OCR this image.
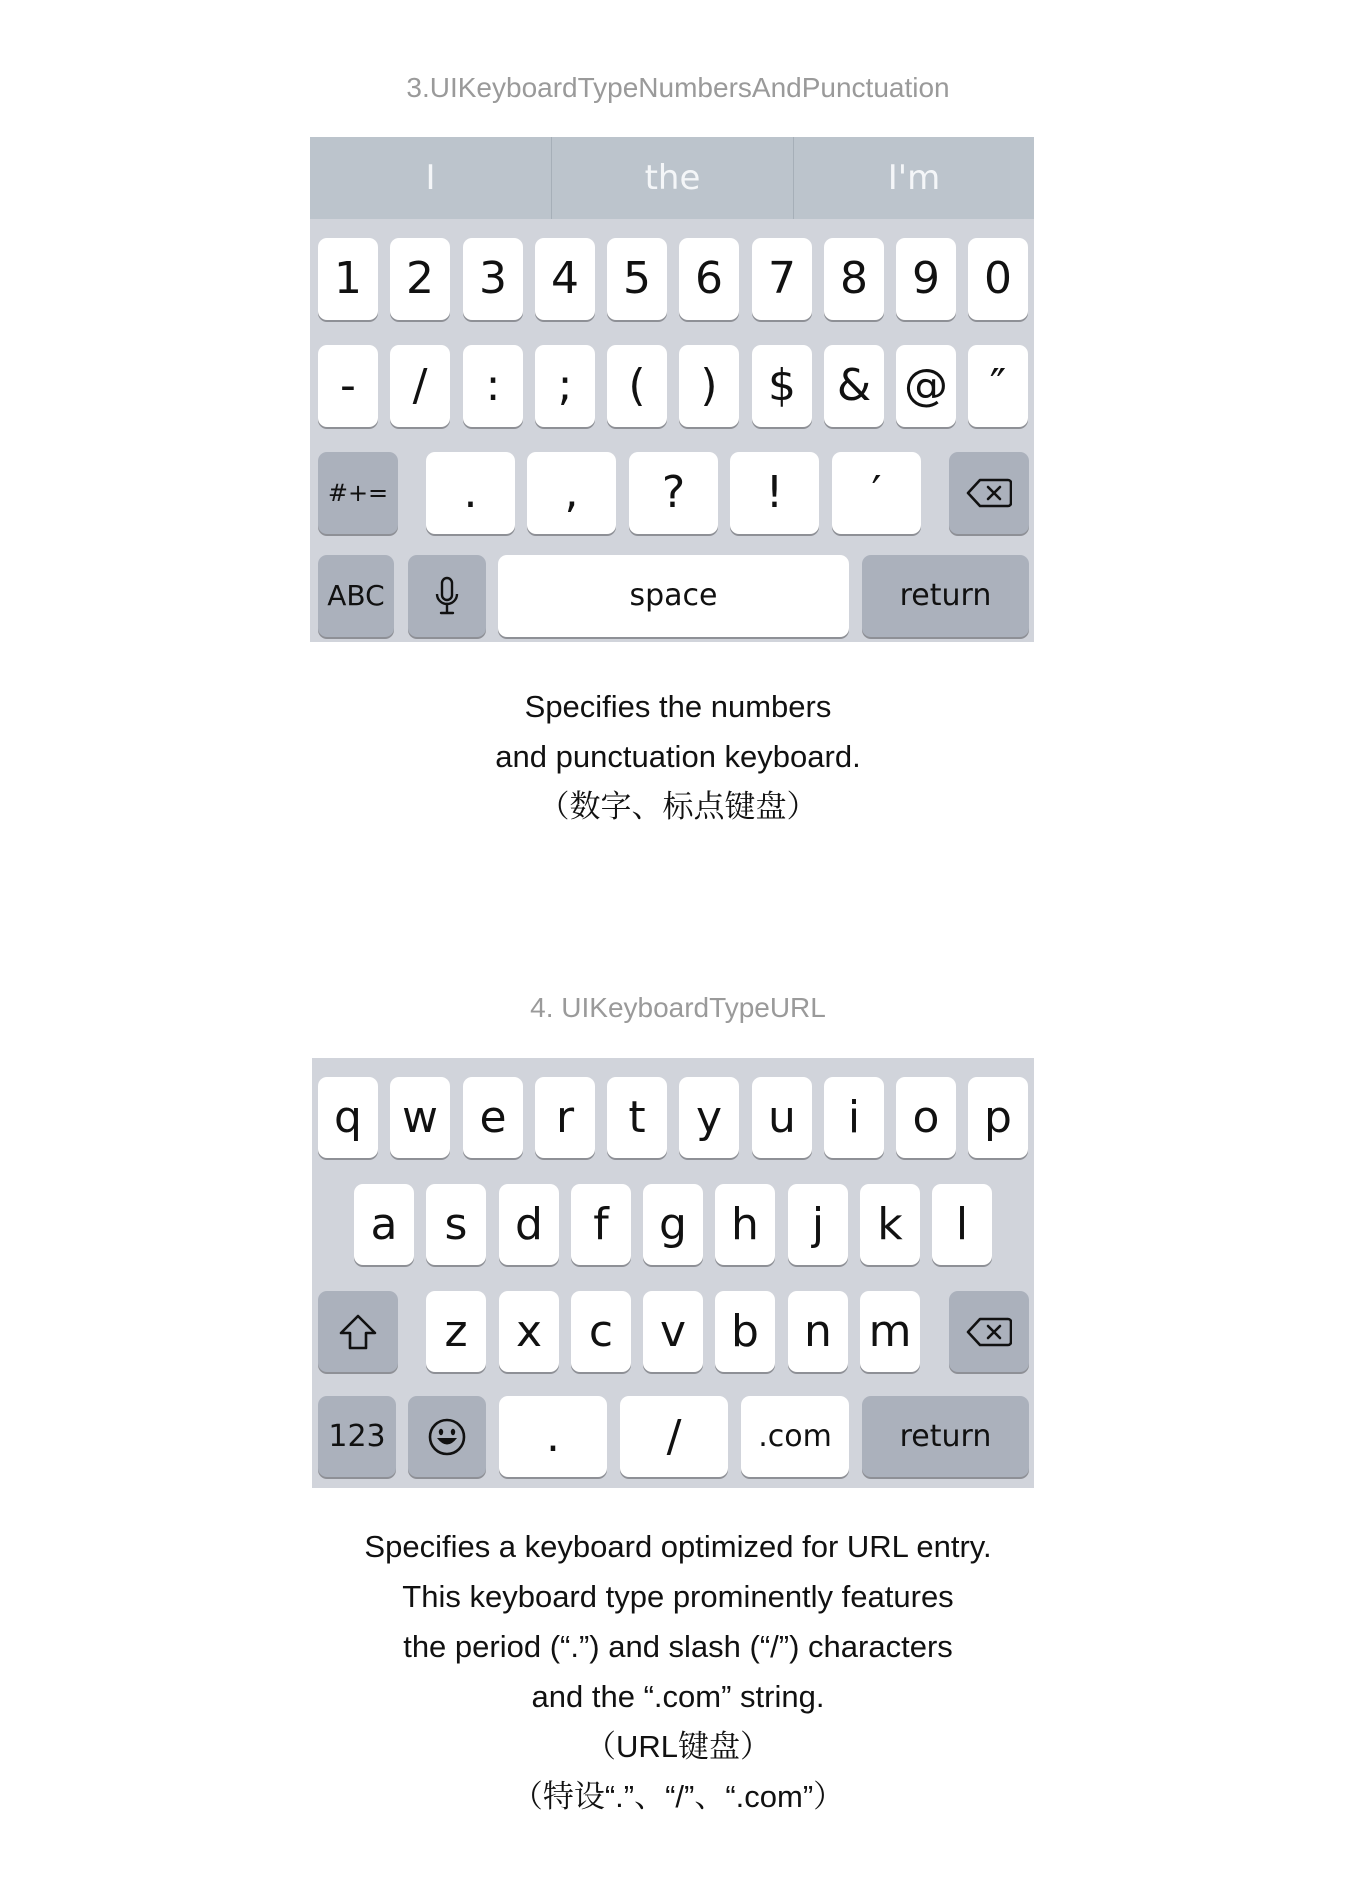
3.UIKeyboardTypeNumbersAndPunctuation
I	the	I'm
1 2 3 4 5 6 7 8 9 0
- / : ; ( ) $ & @ ″
#+= . , ? ! ′
ABC	space	return
Specifies the numbers
and punctuation keyboard.
（数字、标点键盘）
4. UIKeyboardTypeURL
q w e r t y u i o p
a s d f g h j k l
z x c v b n m
123	. /	.com return
Specifies a keyboard optimized for URL entry.
This keyboard type prominently features
the period (“.”) and slash (“/”) characters
and the “.com” string.
（URL键盘）
（特设“.”、“/”、“.com”）
